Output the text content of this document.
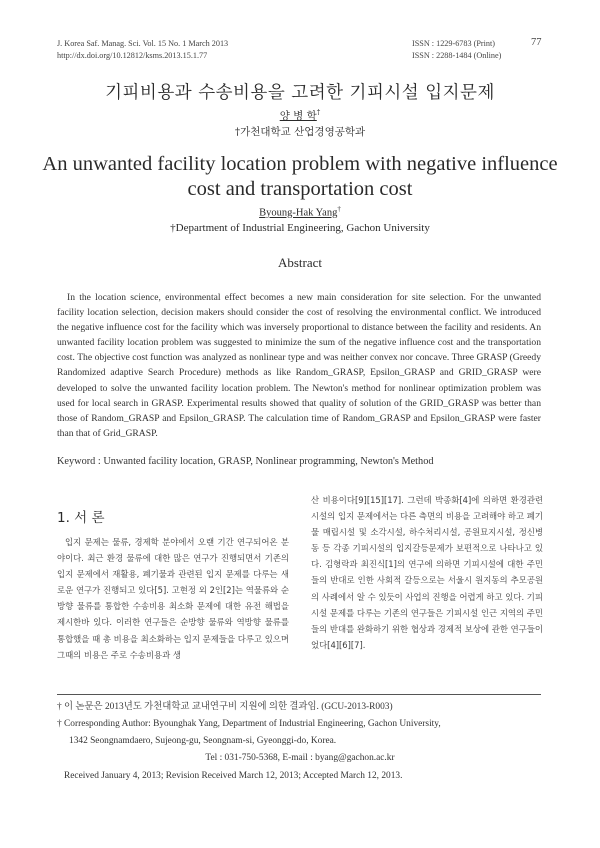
J. Korea Saf. Manag. Sci. Vol. 15 No. 1 March 2013
http://dx.doi.org/10.12812/ksms.2013.15.1.77
ISSN : 1229-6783 (Print)
ISSN : 2288-1484 (Online)
77
기피비용과 수송비용을 고려한 기피시설 입지문제
양 병 학†
†가천대학교 산업경영공학과
An unwanted facility location problem with negative influence cost and transportation cost
Byoung-Hak Yang†
†Department of Industrial Engineering, Gachon University
Abstract
In the location science, environmental effect becomes a new main consideration for site selection. For the unwanted facility location selection, decision makers should consider the cost of resolving the environmental conflict. We introduced the negative influence cost for the facility which was inversely proportional to distance between the facility and residents. An unwanted facility location problem was suggested to minimize the sum of the negative influence cost and the transportation cost. The objective cost function was analyzed as nonlinear type and was neither convex nor concave. Three GRASP (Greedy Randomized adaptive Search Procedure) methods as like Random_GRASP, Epsilon_GRASP and GRID_GRASP were developed to solve the unwanted facility location problem. The Newton's method for nonlinear optimization problem was used for local search in GRASP. Experimental results showed that quality of solution of the GRID_GRASP was better than those of Random_GRASP and Epsilon_GRASP. The calculation time of Random_GRASP and Epsilon_GRASP were faster than that of Grid_GRASP.
Keyword : Unwanted facility location, GRASP, Nonlinear programming, Newton's Method
1. 서 론
입지 문제는 물류, 경제학 분야에서 오랜 기간 연구되어온 분야이다. 최근 환경 물류에 대한 많은 연구가 진행되면서 기존의 입지 문제에서 재활용, 폐기물과 관련된 입지 문제를 다루는 새로운 연구가 진행되고 있다[5]. 고현정 외 2인[2]는 역물류와 순방향 물류를 통합한 수송비용 최소화 문제에 대한 유전 해법을 제시한바 있다. 이러한 연구들은 순방향 물류와 역방향 물류를 통합했을 때 총 비용을 최소화하는 입지 문제들을 다루고 있으며 그때의 비용은 주로 수송비용과 생
산 비용이다[9][15][17]. 그런데 박종화[4]에 의하면 환경관련 시설의 입지 문제에서는 다른 측면의 비용을 고려해야 하고 폐기물 매립시설 및 소각시설, 하수처리시설, 공원묘지시설, 정신병동 등 각종 기피시설의 입지갈등문제가 보편적으로 나타나고 있다. 김형락과 최진식[1]의 연구에 의하면 기피시설에 대한 주민들의 반대로 인한 사회적 갈등으로는 서울시 원지동의 추모공원의 사례에서 알 수 있듯이 사업의 진행을 어렵게 하고 있다. 기피시설 문제를 다루는 기존의 연구들은 기피시설 인근 지역의 주민들의 반대를 완화하기 위한 협상과 경제적 보상에 관한 연구들이었다[4][6][7].
† 이 논문은 2013년도 가천대학교 교내연구비 지원에 의한 결과임. (GCU-2013-R003)
† Corresponding Author: Byounghak Yang, Department of Industrial Engineering, Gachon University,
1342 Seongnamdaero, Sujeong-gu, Seongnam-si, Gyeonggi-do, Korea.
Tel : 031-750-5368, E-mail : byang@gachon.ac.kr
Received January 4, 2013; Revision Received March 12, 2013; Accepted March 12, 2013.
